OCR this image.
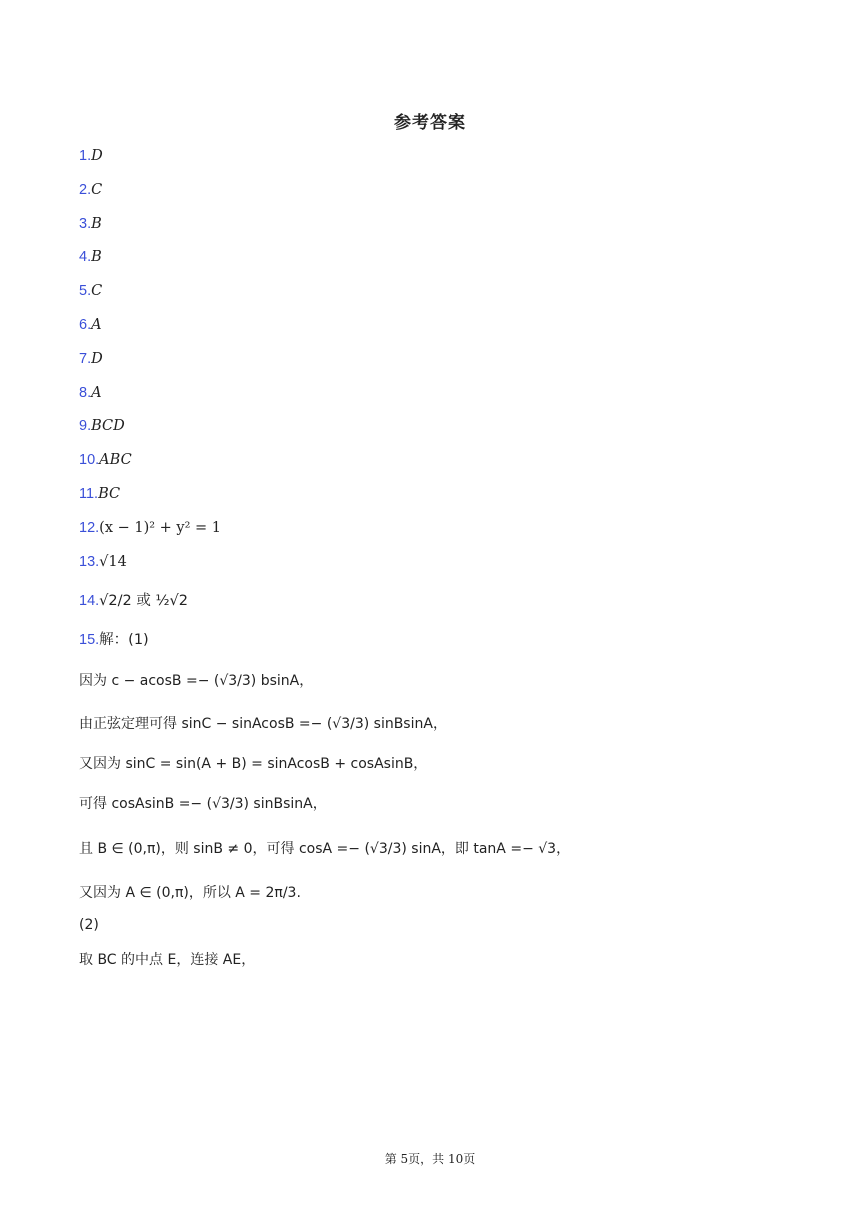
参考答案
1.D
2.C
3.B
4.B
5.C
6.A
7.D
8.A
9.BCD
10.ABC
11.BC
12.(x − 1)² + y² = 1
13.√14
14.√2/2 或 ½√2
15.解：(1)
因为 c − acosB =− (√3/3) bsinA，
由正弦定理可得 sinC − sinAcosB =− (√3/3) sinBsinA，
又因为 sinC = sin(A + B) = sinAcosB + cosAsinB，
可得 cosAsinB =− (√3/3) sinBsinA，
且 B ∈ (0,π)，则 sinB ≠ 0，可得 cosA =− (√3/3) sinA，即 tanA =− √3，
又因为 A ∈ (0,π)，所以 A = 2π/3.
(2)
取 BC 的中点 E，连接 AE，
第 5页，共 10页
